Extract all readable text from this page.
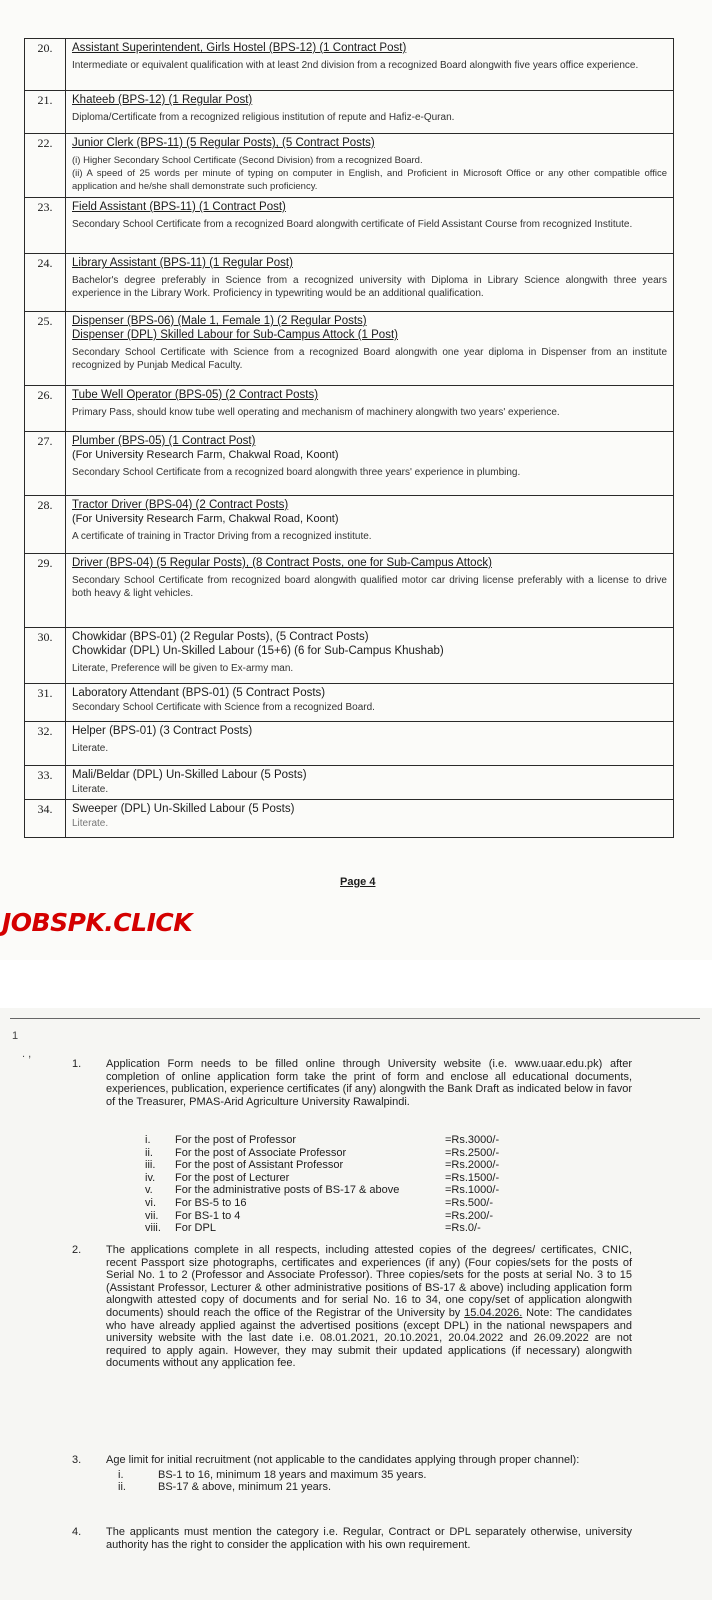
20.	Assistant Superintendent, Girls Hostel (BPS-12) (1 Contract Post)
Intermediate or equivalent qualification with at least 2nd division from a recognized Board alongwith five years office experience.

21.	Khateeb (BPS-12) (1 Regular Post)
Diploma/Certificate from a recognized religious institution of repute and Hafiz-e-Quran.

22.	Junior Clerk (BPS-11) (5 Regular Posts), (5 Contract Posts)
(i) Higher Secondary School Certificate (Second Division) from a recognized Board.
(ii) A speed of 25 words per minute of typing on computer in English, and Proficient in Microsoft Office or any other compatible office application and he/she shall demonstrate such proficiency.

23.	Field Assistant (BPS-11) (1 Contract Post)
Secondary School Certificate from a recognized Board alongwith certificate of Field Assistant Course from recognized Institute.

24.	Library Assistant (BPS-11) (1 Regular Post)
Bachelor's degree preferably in Science from a recognized university with Diploma in Library Science alongwith three years experience in the Library Work. Proficiency in typewriting would be an additional qualification.

25.	Dispenser (BPS-06) (Male 1, Female 1) (2 Regular Posts)
Dispenser (DPL) Skilled Labour for Sub-Campus Attock (1 Post)
Secondary School Certificate with Science from a recognized Board alongwith one year diploma in Dispenser from an institute recognized by Punjab Medical Faculty.

26.	Tube Well Operator (BPS-05) (2 Contract Posts)
Primary Pass, should know tube well operating and mechanism of machinery alongwith two years' experience.

27.	Plumber (BPS-05) (1 Contract Post)
(For University Research Farm, Chakwal Road, Koont)
Secondary School Certificate from a recognized board alongwith three years' experience in plumbing.

28.	Tractor Driver (BPS-04) (2 Contract Posts)
(For University Research Farm, Chakwal Road, Koont)
A certificate of training in Tractor Driving from a recognized institute.

29.	Driver (BPS-04) (5 Regular Posts), (8 Contract Posts, one for Sub-Campus Attock)
Secondary School Certificate from recognized board alongwith qualified motor car driving license preferably with a license to drive both heavy & light vehicles.

30.	Chowkidar (BPS-01) (2 Regular Posts), (5 Contract Posts)
Chowkidar (DPL) Un-Skilled Labour (15+6) (6 for Sub-Campus Khushab)
Literate, Preference will be given to Ex-army man.

31.	Laboratory Attendant (BPS-01) (5 Contract Posts)
Secondary School Certificate with Science from a recognized Board.

32.	Helper (BPS-01) (3 Contract Posts)
Literate.

33.	Mali/Beldar (DPL) Un-Skilled Labour (5 Posts)
Literate.

34.	Sweeper (DPL) Un-Skilled Labour (5 Posts)
Literate.
Page 4
JOBSPK.CLICK
1
. ,
1. Application Form needs to be filled online through University website (i.e. www.uaar.edu.pk) after completion of online application form take the print of form and enclose all educational documents, experiences, publication, experience certificates (if any) alongwith the Bank Draft as indicated below in favor of the Treasurer, PMAS-Arid Agriculture University Rawalpindi.
i.	For the post of Professor	=Rs.3000/-
ii.	For the post of Associate Professor	=Rs.2500/-
iii.	For the post of Assistant Professor	=Rs.2000/-
iv.	For the post of Lecturer	=Rs.1500/-
v.	For the administrative posts of BS-17 & above	=Rs.1000/-
vi.	For BS-5 to 16	=Rs.500/-
vii.	For BS-1 to 4	=Rs.200/-
viii.	For DPL	=Rs.0/-
2. The applications complete in all respects, including attested copies of the degrees/ certificates, CNIC, recent Passport size photographs, certificates and experiences (if any) (Four copies/sets for the posts of Serial No. 1 to 2 (Professor and Associate Professor). Three copies/sets for the posts at serial No. 3 to 15 (Assistant Professor, Lecturer & other administrative positions of BS-17 & above) including application form alongwith attested copy of documents and for serial No. 16 to 34, one copy/set of application alongwith documents) should reach the office of the Registrar of the University by 15.04.2026. Note: The candidates who have already applied against the advertised positions (except DPL) in the national newspapers and university website with the last date i.e. 08.01.2021, 20.10.2021, 20.04.2022 and 26.09.2022 are not required to apply again. However, they may submit their updated applications (if necessary) alongwith documents without any application fee.
3. Age limit for initial recruitment (not applicable to the candidates applying through proper channel):
i.	BS-1 to 16, minimum 18 years and maximum 35 years.
ii.	BS-17 & above, minimum 21 years.
4. The applicants must mention the category i.e. Regular, Contract or DPL separately otherwise, university authority has the right to consider the application with his own requirement.
